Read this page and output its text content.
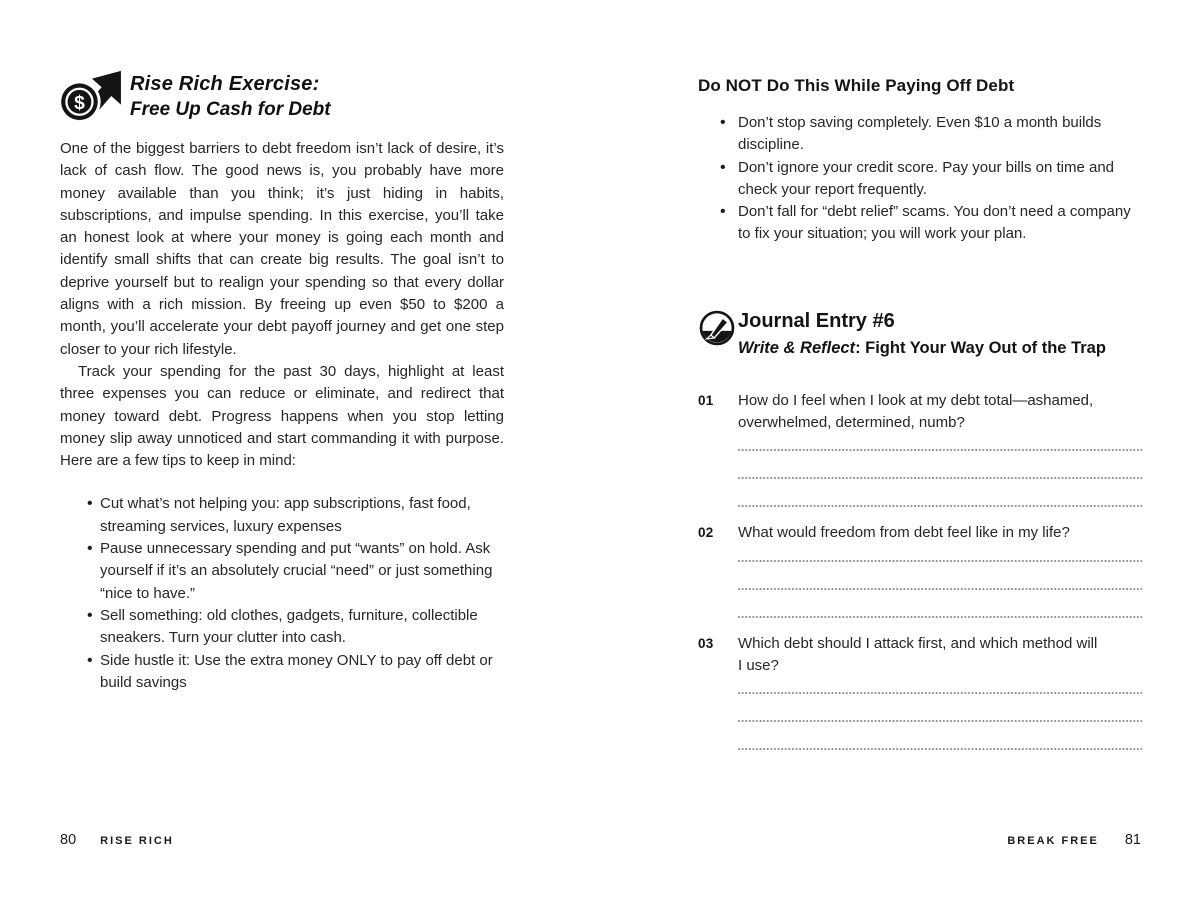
$
Rise Rich Exercise:
Free Up Cash for Debt

One of the biggest barriers to debt freedom isn’t lack of desire, it’s lack of cash flow. The good news is, you probably have more money available than you think; it’s just hiding in habits, subscriptions, and impulse spending. In this exercise, you’ll take an honest look at where your money is going each month and identify small shifts that can create big results. The goal isn’t to deprive yourself but to realign your spending so that every dollar aligns with a rich mission. By freeing up even $50 to $200 a month, you’ll accelerate your debt payoff journey and get one step closer to your rich lifestyle.

Track your spending for the past 30 days, highlight at least three expenses you can reduce or eliminate, and redirect that money toward debt. Progress happens when you stop letting money slip away unnoticed and start commanding it with purpose. Here are a few tips to keep in mind:

• Cut what’s not helping you: app subscriptions, fast food, streaming services, luxury expenses
• Pause unnecessary spending and put “wants” on hold. Ask yourself if it’s an absolutely crucial “need” or just something “nice to have.”
• Sell something: old clothes, gadgets, furniture, collectible sneakers. Turn your clutter into cash.
• Side hustle it: Use the extra money ONLY to pay off debt or build savings
80 RISE RICH
Do NOT Do This While Paying Off Debt
• Don’t stop saving completely. Even $10 a month builds discipline.
• Don’t ignore your credit score. Pay your bills on time and check your report frequently.
• Don’t fall for “debt relief” scams. You don’t need a company to fix your situation; you will work your plan.
Journal Entry #6
Write & Reflect: Fight Your Way Out of the Trap
01	How do I feel when I look at my debt total—ashamed, overwhelmed, determined, numb?
02	What would freedom from debt feel like in my life?
03	Which debt should I attack first, and which method will I use?
BREAK FREE 81
